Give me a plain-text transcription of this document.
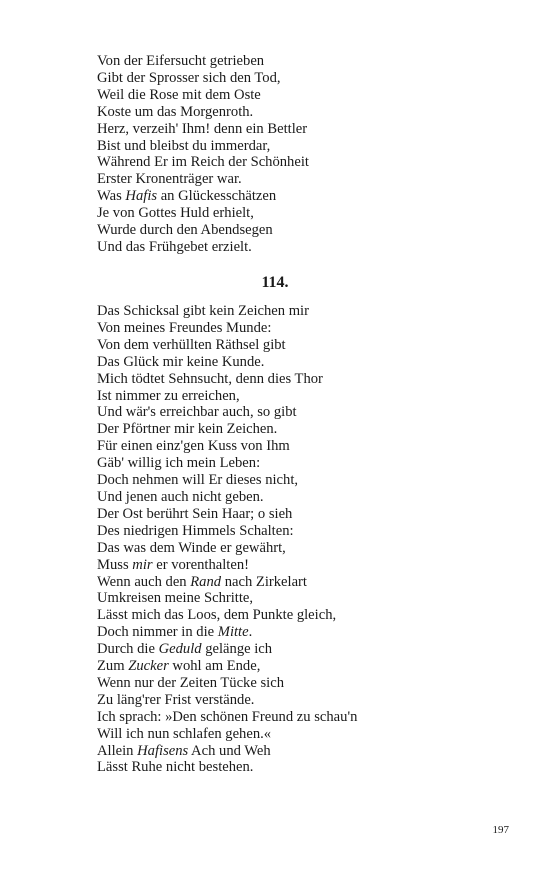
Von der Eifersucht getrieben
Gibt der Sprosser sich den Tod,
Weil die Rose mit dem Oste
Koste um das Morgenroth.
Herz, verzeih' Ihm! denn ein Bettler
Bist und bleibst du immerdar,
Während Er im Reich der Schönheit
Erster Kronenträger war.
Was Hafis an Glückesschätzen
Je von Gottes Huld erhielt,
Wurde durch den Abendsegen
Und das Frühgebet erzielt.
114.
Das Schicksal gibt kein Zeichen mir
Von meines Freundes Munde:
Von dem verhüllten Räthsel gibt
Das Glück mir keine Kunde.
Mich tödtet Sehnsucht, denn dies Thor
Ist nimmer zu erreichen,
Und wär's erreichbar auch, so gibt
Der Pförtner mir kein Zeichen.
Für einen einz'gen Kuss von Ihm
Gäb' willig ich mein Leben:
Doch nehmen will Er dieses nicht,
Und jenen auch nicht geben.
Der Ost berührt Sein Haar; o sieh
Des niedrigen Himmels Schalten:
Das was dem Winde er gewährt,
Muss mir er vorenthalten!
Wenn auch den Rand nach Zirkelart
Umkreisen meine Schritte,
Lässt mich das Loos, dem Punkte gleich,
Doch nimmer in die Mitte.
Durch die Geduld gelänge ich
Zum Zucker wohl am Ende,
Wenn nur der Zeiten Tücke sich
Zu läng'rer Frist verstände.
Ich sprach: »Den schönen Freund zu schau'n
Will ich nun schlafen gehen.«
Allein Hafisens Ach und Weh
Lässt Ruhe nicht bestehen.
197
